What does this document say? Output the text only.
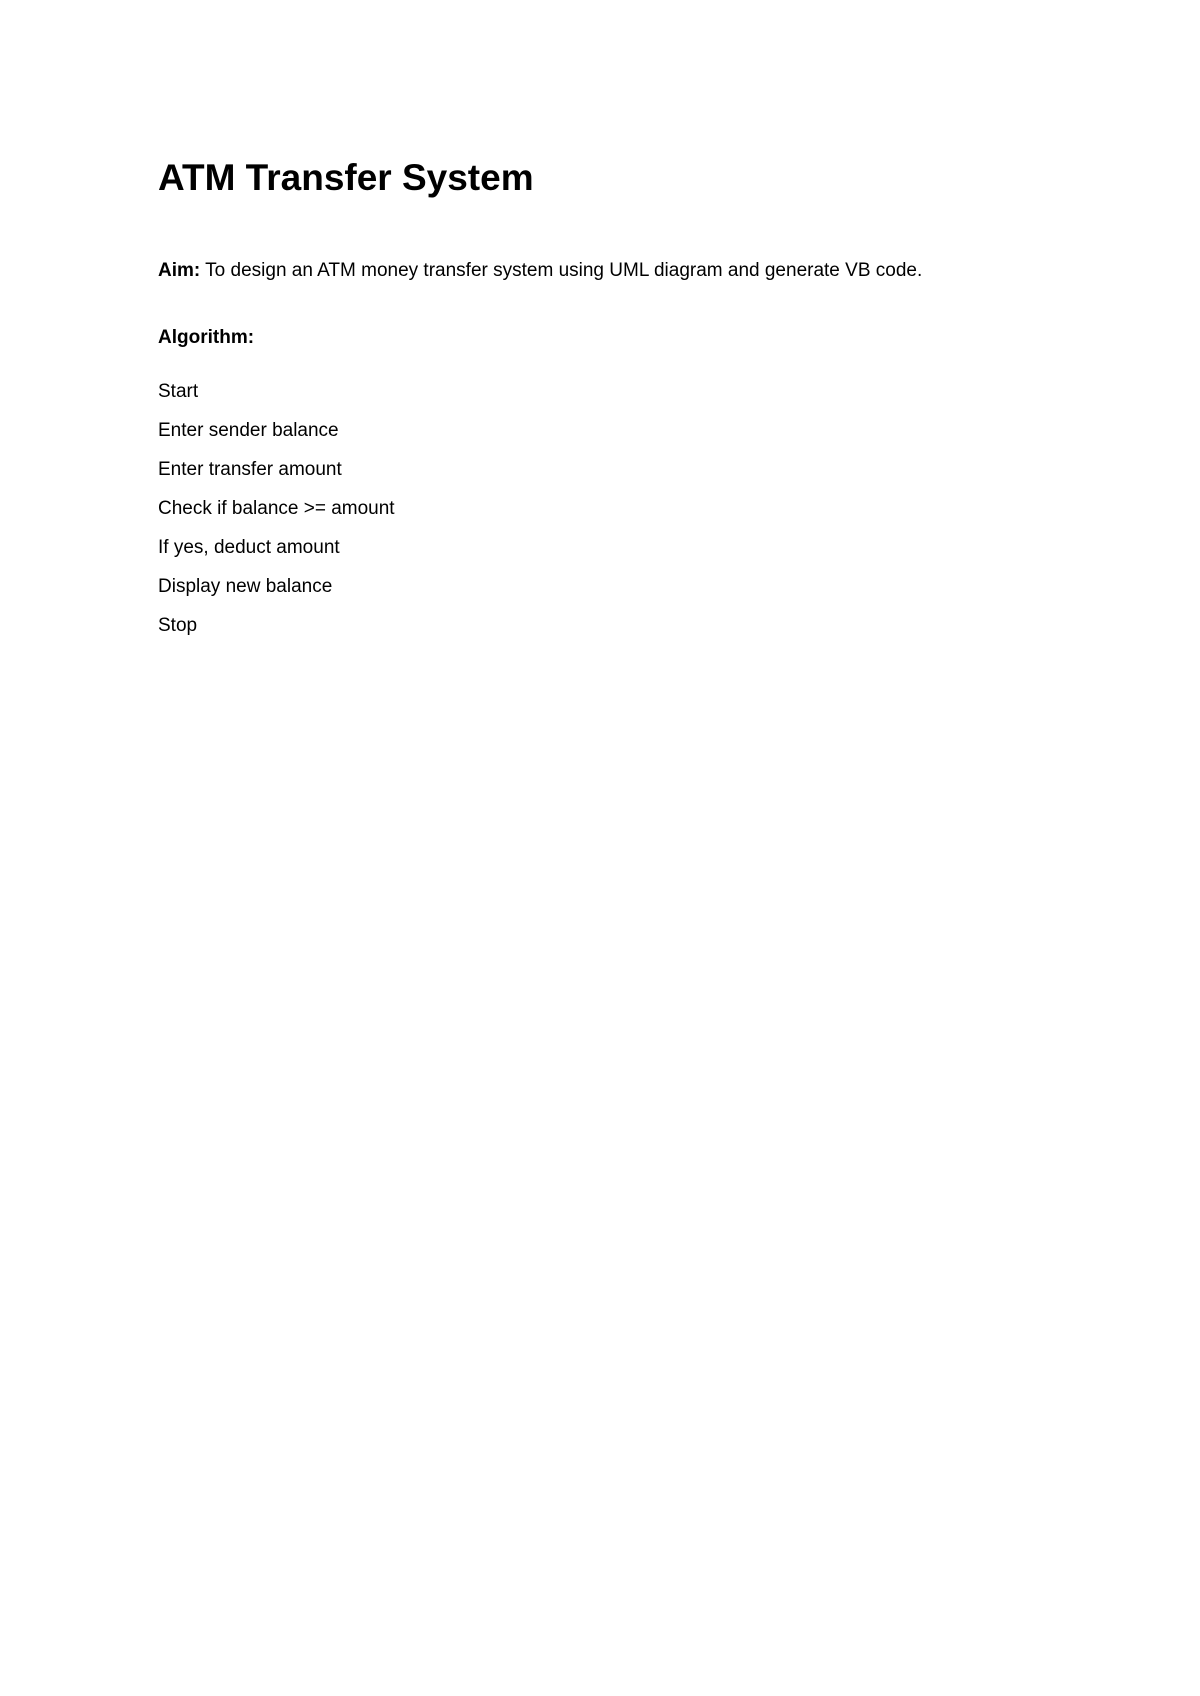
ATM Transfer System

Aim: To design an ATM money transfer system using UML diagram and generate VB code.

Algorithm:

Start
Enter sender balance
Enter transfer amount
Check if balance >= amount
If yes, deduct amount
Display new balance
Stop
